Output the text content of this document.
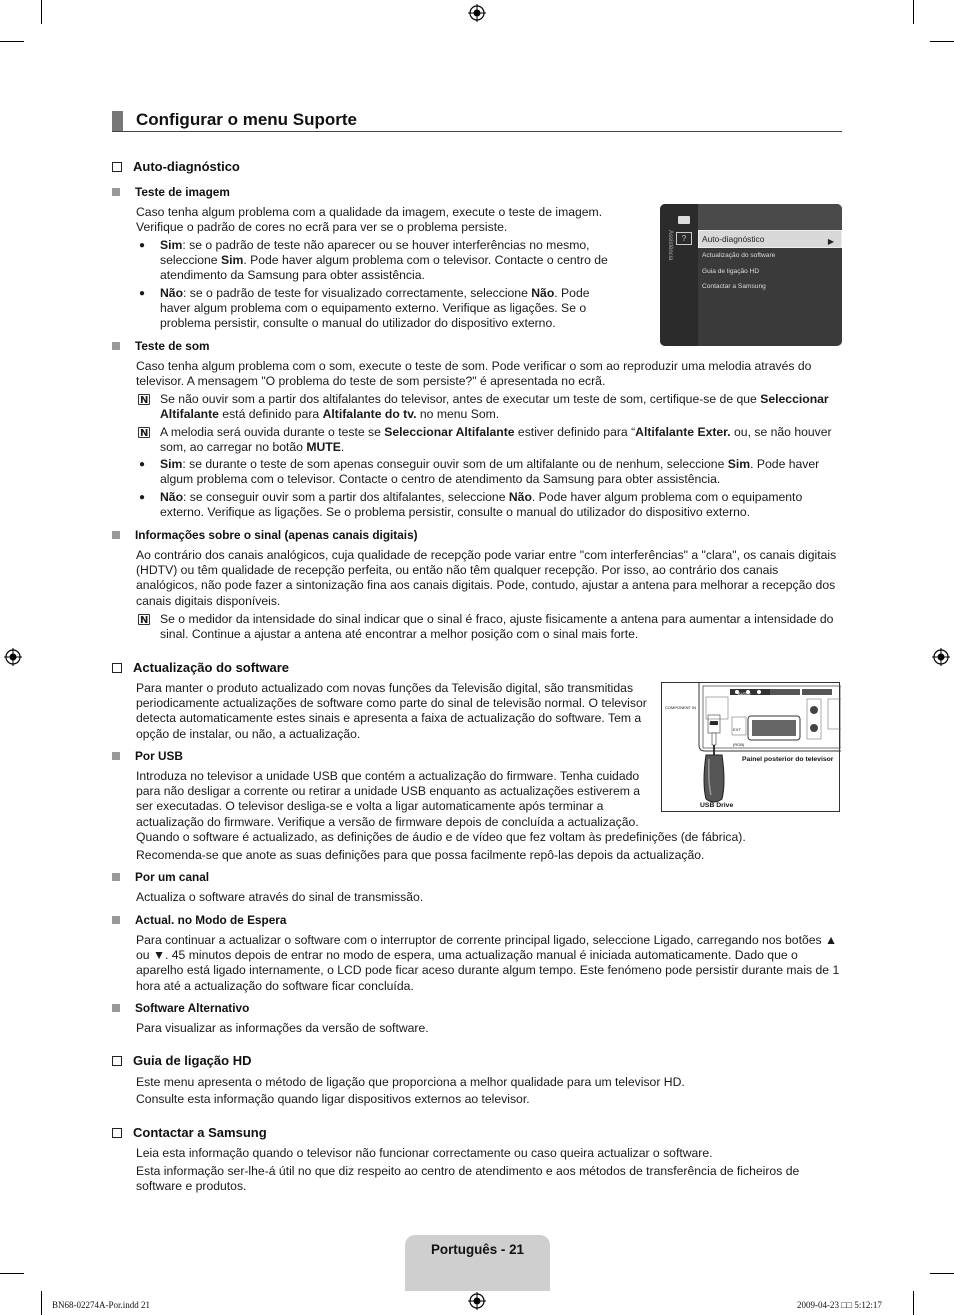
Configurar o menu Suporte
Auto-diagnóstico
Teste de imagem
Caso tenha algum problema com a qualidade da imagem, execute o teste de imagem. Verifique o padrão de cores no ecrã para ver se o problema persiste.
● Sim: se o padrão de teste não aparecer ou se houver interferências no mesmo, seleccione Sim. Pode haver algum problema com o televisor. Contacte o centro de atendimento da Samsung para obter assistência.
● Não: se o padrão de teste for visualizado correctamente, seleccione Não. Pode haver algum problema com o equipamento externo. Verifique as ligações. Se o problema persistir, consulte o manual do utilizador do dispositivo externo.
?
Assistência	Auto-diagnóstico	▶
Actualização do software
Guia de ligação HD
Contactar a Samsung
Teste de som
Caso tenha algum problema com o som, execute o teste de som. Pode verificar o som ao reproduzir uma melodia através do televisor. A mensagem "O problema do teste de som persiste?" é apresentada no ecrã.
N
Se não ouvir som a partir dos altifalantes do televisor, antes de executar um teste de som, certifique-se de que Seleccionar Altifalante está definido para Altifalante do tv. no menu Som.
N
A melodia será ouvida durante o teste se Seleccionar Altifalante estiver definido para “Altifalante Exter. ou, se não houver som, ao carregar no botão MUTE.
● Sim: se durante o teste de som apenas conseguir ouvir som de um altifalante ou de nenhum, seleccione Sim. Pode haver algum problema com o televisor. Contacte o centro de atendimento da Samsung para obter assistência.
● Não: se conseguir ouvir som a partir dos altifalantes, seleccione Não. Pode haver algum problema com o equipamento externo. Verifique as ligações. Se o problema persistir, consulte o manual do utilizador do dispositivo externo.
Informações sobre o sinal (apenas canais digitais)
Ao contrário dos canais analógicos, cuja qualidade de recepção pode variar entre "com interferências" a "clara", os canais digitais (HDTV) ou têm qualidade de recepção perfeita, ou então não têm qualquer recepção. Por isso, ao contrário dos canais analógicos, não pode fazer a sintonização fina aos canais digitais. Pode, contudo, ajustar a antena para melhorar a recepção dos canais digitais disponíveis.
N
Se o medidor da intensidade do sinal indicar que o sinal é fraco, ajuste fisicamente a antena para aumentar a intensidade do sinal. Continue a ajustar a antena até encontrar a melhor posição com o sinal mais forte.
Actualização do software
Para manter o produto actualizado com novas funções da Televisão digital, são transmitidas periodicamente actualizações de software como parte do sinal de televisão normal. O televisor detecta automaticamente estes sinais e apresenta a faixa de actualização do software. Tem a opção de instalar, ou não, a actualização.
COMPONENT IN
AUDIO
USB
EXT (RGB)
Painel posterior do televisor
USB Drive
Por USB
Introduza no televisor a unidade USB que contém a actualização do firmware. Tenha cuidado para não desligar a corrente ou retirar a unidade USB enquanto as actualizações estiverem a ser executadas. O televisor desliga-se e volta a ligar automaticamente após terminar a actualização do firmware. Verifique a versão de firmware depois de concluída a actualização.
Quando o software é actualizado, as definições de áudio e de vídeo que fez voltam às predefinições (de fábrica).
Recomenda-se que anote as suas definições para que possa facilmente repô-las depois da actualização.
Por um canal
Actualiza o software através do sinal de transmissão.
Actual. no Modo de Espera
Para continuar a actualizar o software com o interruptor de corrente principal ligado, seleccione Ligado, carregando nos botões ▲ ou ▼. 45 minutos depois de entrar no modo de espera, uma actualização manual é iniciada automaticamente. Dado que o aparelho está ligado internamente, o LCD pode ficar aceso durante algum tempo. Este fenómeno pode persistir durante mais de 1 hora até a actualização do software ficar concluída.
Software Alternativo
Para visualizar as informações da versão de software.
Guia de ligação HD
Este menu apresenta o método de ligação que proporciona a melhor qualidade para um televisor HD.
Consulte esta informação quando ligar dispositivos externos ao televisor.
Contactar a Samsung
Leia esta informação quando o televisor não funcionar correctamente ou caso queira actualizar o software.
Esta informação ser-lhe-á útil no que diz respeito ao centro de atendimento e aos métodos de transferência de ficheiros de software e produtos.
Português - 21
BN68-02274A-Por.indd 21	2009-04-23 □□ 5:12:17
